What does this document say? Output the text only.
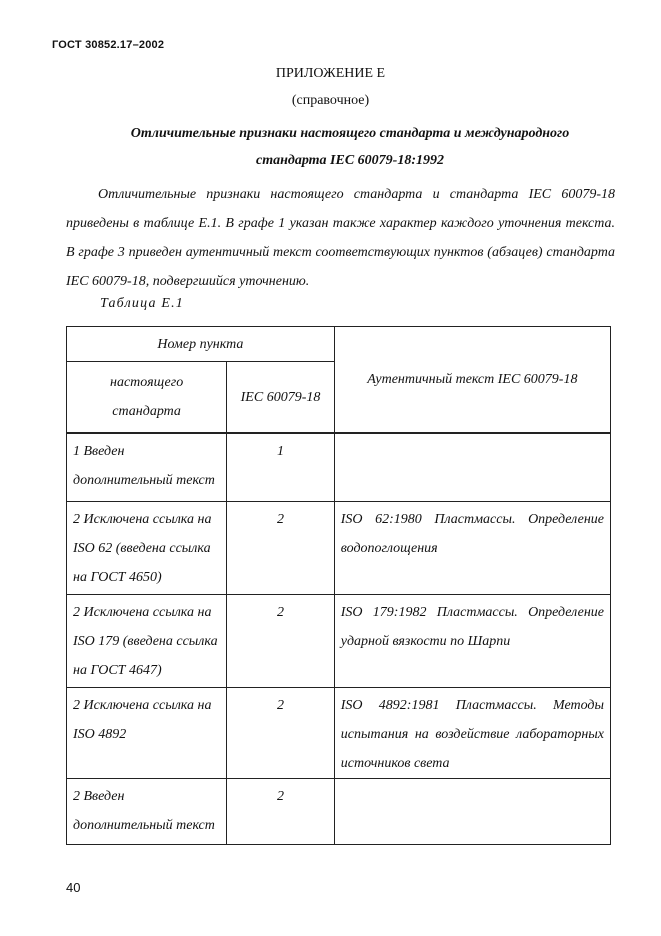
ГОСТ 30852.17–2002
ПРИЛОЖЕНИЕ Е
(справочное)
Отличительные признаки настоящего стандарта и международного
стандарта IEC 60079-18:1992
Отличительные признаки настоящего стандарта и стандарта IEC 60079-18 приведены в таблице Е.1. В графе 1 указан также характер каждого уточнения текста. В графе 3 приведен аутентичный текст соответствующих пунктов (абзацев) стандарта IEC 60079-18, подвергшийся уточнению.
Таблица Е.1
Номер пункта		Аутентичный текст IEC 60079-18
настоящего стандарта	IEC 60079-18	
1 Введен дополнительный текст	1	
2 Исключена ссылка на ISO 62 (введена ссылка на ГОСТ 4650)	2	ISO 62:1980 Пластмассы. Определение водопоглощения
2 Исключена ссылка на ISO 179 (введена ссылка на ГОСТ 4647)	2	ISO 179:1982 Пластмассы. Определение ударной вязкости по Шарпи
2 Исключена ссылка на ISO 4892	2	ISO 4892:1981 Пластмассы. Методы испытания на воздействие лабораторных источников света
2 Введен дополнительный текст	2	
40
